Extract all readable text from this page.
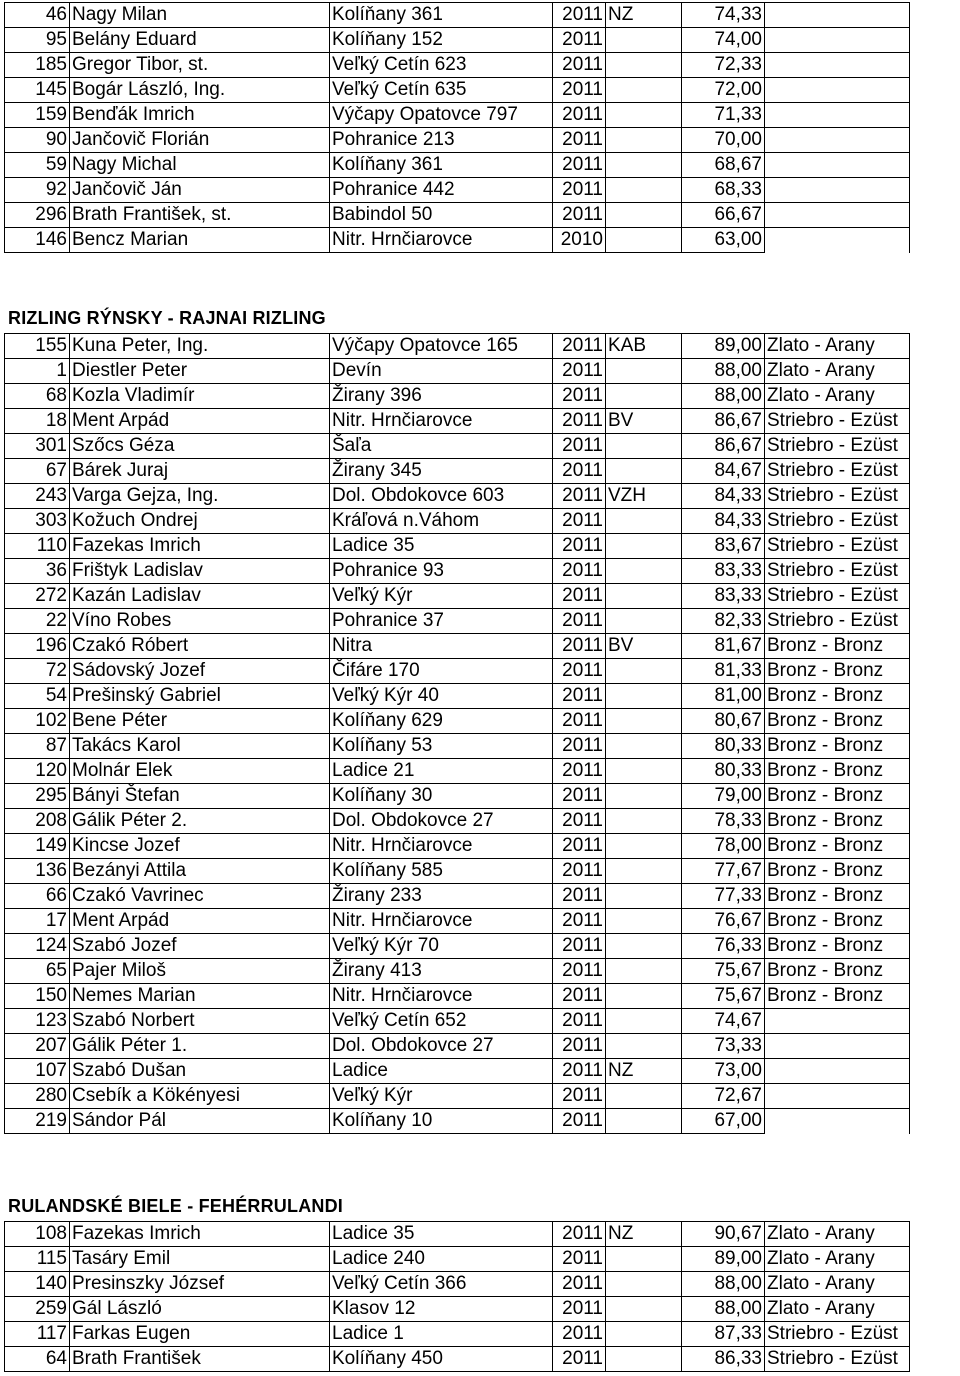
46	Nagy Milan	Kolíňany 361	2011	NZ	74,33	
95	Belány Eduard	Kolíňany 152	2011		74,00	
185	Gregor Tibor, st.	Veľký Cetín 623	2011		72,33	
145	Bogár László, Ing.	Veľký Cetín 635	2011		72,00	
159	Benďák Imrich	Výčapy Opatovce 797	2011		71,33	
90	Jančovič Florián	Pohranice 213	2011		70,00	
59	Nagy Michal	Kolíňany 361	2011		68,67	
92	Jančovič Ján	Pohranice 442	2011		68,33	
296	Brath František, st.	Babindol 50	2011		66,67	
146	Bencz Marian	Nitr. Hrnčiarovce	2010		63,00	
RIZLING RÝNSKY - RAJNAI RIZLING
155	Kuna Peter, Ing.	Výčapy Opatovce 165	2011	KAB	89,00	Zlato - Arany
1	Diestler Peter	Devín	2011		88,00	Zlato - Arany
68	Kozla Vladimír	Žirany 396	2011		88,00	Zlato - Arany
18	Ment Arpád	Nitr. Hrnčiarovce	2011	BV	86,67	Striebro - Ezüst
301	Szőcs Géza	Šaľa	2011		86,67	Striebro - Ezüst
67	Bárek Juraj	Žirany 345	2011		84,67	Striebro - Ezüst
243	Varga Gejza, Ing.	Dol. Obdokovce 603	2011	VZH	84,33	Striebro - Ezüst
303	Kožuch Ondrej	Kráľová n.Váhom	2011		84,33	Striebro - Ezüst
110	Fazekas Imrich	Ladice 35	2011		83,67	Striebro - Ezüst
36	Frištyk Ladislav	Pohranice 93	2011		83,33	Striebro - Ezüst
272	Kazán Ladislav	Veľký Kýr	2011		83,33	Striebro - Ezüst
22	Víno Robes	Pohranice 37	2011		82,33	Striebro - Ezüst
196	Czakó Róbert	Nitra	2011	BV	81,67	Bronz - Bronz
72	Sádovský Jozef	Čifáre 170	2011		81,33	Bronz - Bronz
54	Prešinský Gabriel	Veľký Kýr 40	2011		81,00	Bronz - Bronz
102	Bene Péter	Kolíňany 629	2011		80,67	Bronz - Bronz
87	Takács Karol	Kolíňany 53	2011		80,33	Bronz - Bronz
120	Molnár Elek	Ladice 21	2011		80,33	Bronz - Bronz
295	Bányi Štefan	Kolíňany 30	2011		79,00	Bronz - Bronz
208	Gálik Péter 2.	Dol. Obdokovce 27	2011		78,33	Bronz - Bronz
149	Kincse Jozef	Nitr. Hrnčiarovce	2011		78,00	Bronz - Bronz
136	Bezányi Attila	Kolíňany 585	2011		77,67	Bronz - Bronz
66	Czakó Vavrinec	Žirany 233	2011		77,33	Bronz - Bronz
17	Ment Arpád	Nitr. Hrnčiarovce	2011		76,67	Bronz - Bronz
124	Szabó Jozef	Veľký Kýr 70	2011		76,33	Bronz - Bronz
65	Pajer Miloš	Žirany 413	2011		75,67	Bronz - Bronz
150	Nemes Marian	Nitr. Hrnčiarovce	2011		75,67	Bronz - Bronz
123	Szabó Norbert	Veľký Cetín 652	2011		74,67	
207	Gálik Péter 1.	Dol. Obdokovce 27	2011		73,33	
107	Szabó Dušan	Ladice	2011	NZ	73,00	
280	Csebík a Kökényesi	Veľký Kýr	2011		72,67	
219	Sándor Pál	Kolíňany 10	2011		67,00	
RULANDSKÉ BIELE - FEHÉRRULANDI
108	Fazekas Imrich	Ladice 35	2011	NZ	90,67	Zlato - Arany
115	Tasáry Emil	Ladice 240	2011		89,00	Zlato - Arany
140	Presinszky József	Veľký Cetín 366	2011		88,00	Zlato - Arany
259	Gál László	Klasov 12	2011		88,00	Zlato - Arany
117	Farkas Eugen	Ladice 1	2011		87,33	Striebro - Ezüst
64	Brath František	Kolíňany 450	2011		86,33	Striebro - Ezüst
